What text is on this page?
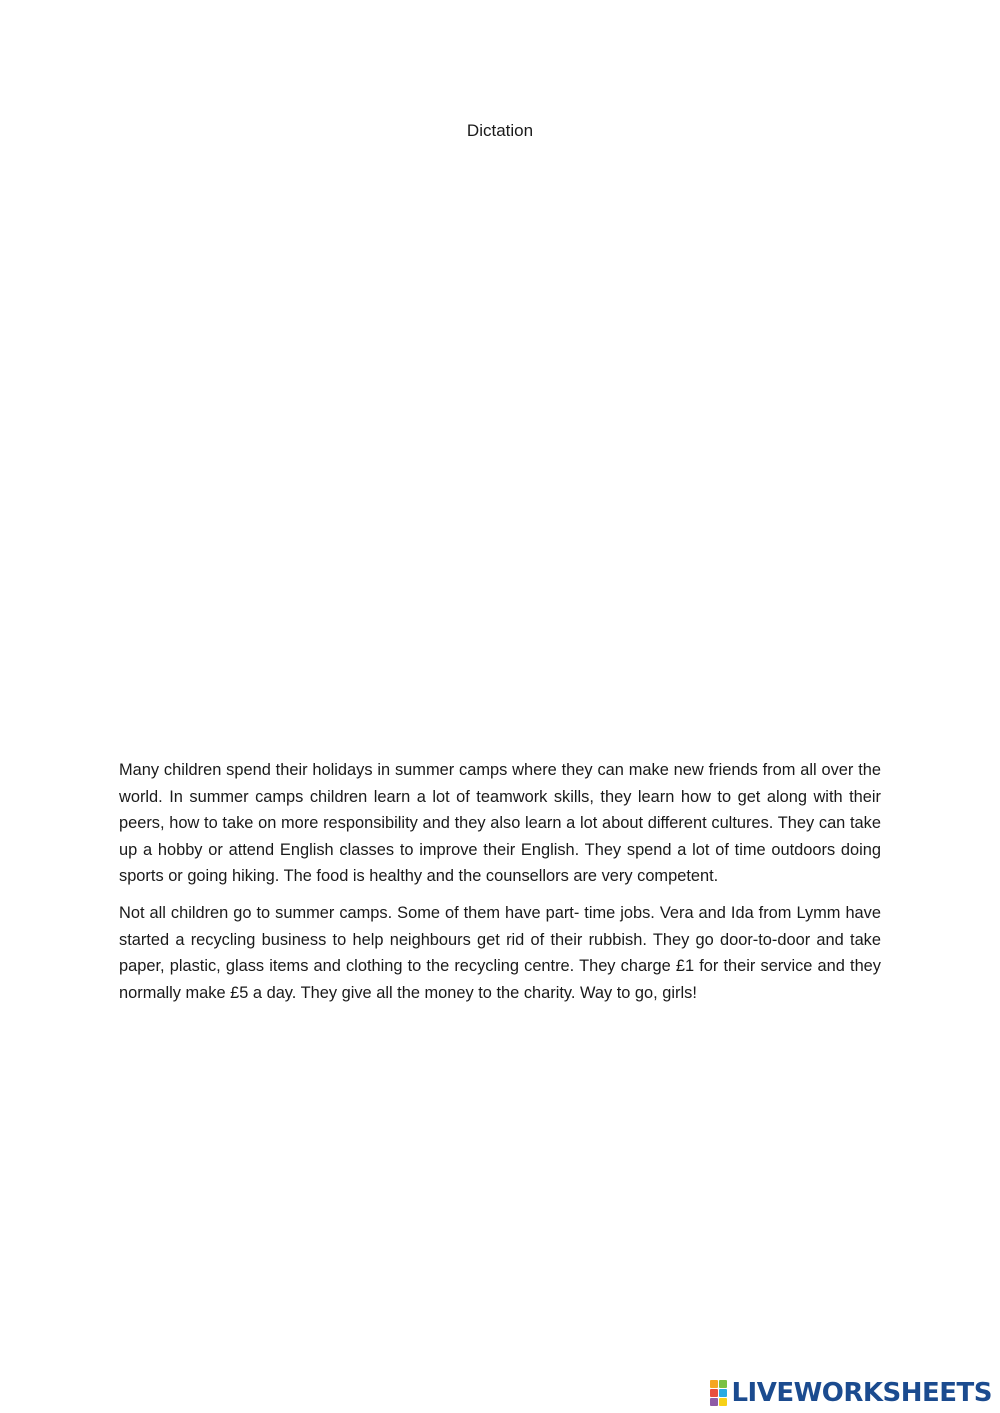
Dictation

Many children spend their holidays in summer camps where they can make new friends from all over the world. In summer camps children learn a lot of teamwork skills, they learn how to get along with their peers, how to take on more responsibility and they also learn a lot about different cultures. They can take up a hobby or attend English classes to improve their English. They spend a lot of time outdoors doing sports or going hiking. The food is healthy and the counsellors are very competent.

Not all children go to summer camps. Some of them have part- time jobs. Vera and Ida from Lymm have started a recycling business to help neighbours get rid of their rubbish. They go door-to-door and take paper, plastic, glass items and clothing to the recycling centre. They charge £1 for their service and they normally make £5 a day. They give all the money to the charity. Way to go, girls!

LIVEWORKSHEETS
